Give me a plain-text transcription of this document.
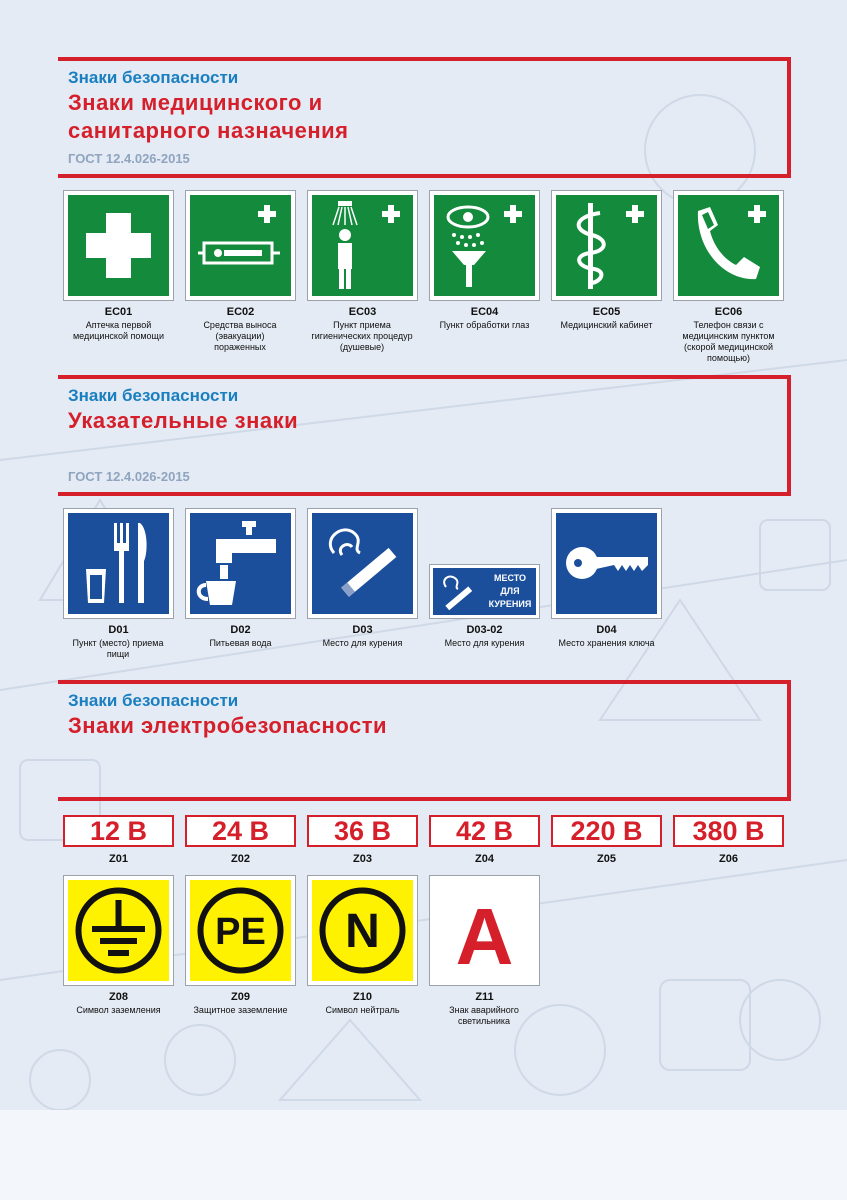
Знаки безопасности
Знаки медицинского и
санитарного назначения
ГОСТ 12.4.026-2015
EC01
Аптечка первой медицинской помощи
EC02
Средства выноса (эвакуации) пораженных
EC03
Пункт приема гигиенических процедур (душевые)
EC04
Пункт обработки глаз
EC05
Медицинский кабинет
EC06
Телефон связи с медицинским пунктом (скорой медицинской помощью)
Знаки безопасности
Указательные знаки
ГОСТ 12.4.026-2015
МЕСТО
ДЛЯ
КУРЕНИЯ
D01
Пункт (место) приема пищи
D02
Питьевая вода
D03
Место для курения
D03-02
Место для курения
D04
Место хранения ключа
Знаки безопасности
Знаки электробезопасности
12 В	24 В	36 В	42 В	220 В	380 В
Z01	Z02	Z03	Z04	Z05	Z06
PE N A
Z08
Символ заземления
Z09
Защитное заземление
Z10
Символ нейтраль
Z11
Знак аварийного светильника
